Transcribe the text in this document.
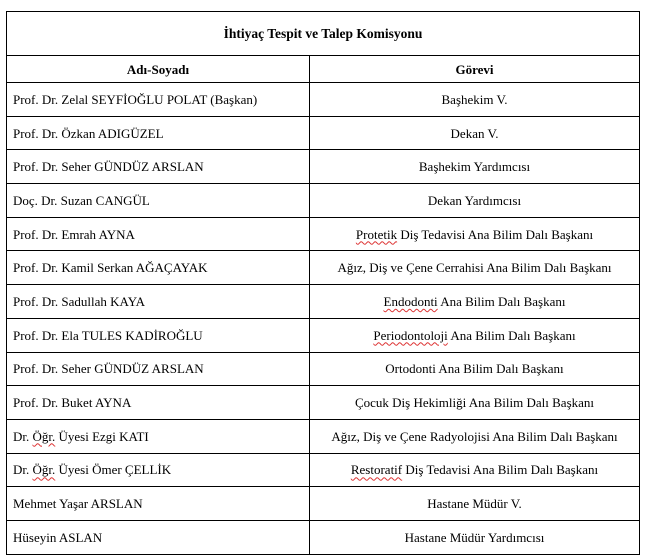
İhtiyaç Tespit ve Talep Komisyonu	
Adı-Soyadı	Görevi
Prof. Dr. Zelal SEYFİOĞLU POLAT (Başkan)	Başhekim V.
Prof. Dr. Özkan ADIGÜZEL	Dekan V.
Prof. Dr. Seher GÜNDÜZ ARSLAN	Başhekim Yardımcısı
Doç. Dr. Suzan CANGÜL	Dekan Yardımcısı
Prof. Dr. Emrah AYNA	Protetik Diş Tedavisi Ana Bilim Dalı Başkanı
Prof. Dr. Kamil Serkan AĞAÇAYAK	Ağız, Diş ve Çene Cerrahisi Ana Bilim Dalı Başkanı
Prof. Dr. Sadullah KAYA	Endodonti Ana Bilim Dalı Başkanı
Prof. Dr. Ela TULES KADİROĞLU	Periodontoloji Ana Bilim Dalı Başkanı
Prof. Dr. Seher GÜNDÜZ ARSLAN	Ortodonti Ana Bilim Dalı Başkanı
Prof. Dr. Buket AYNA	Çocuk Diş Hekimliği Ana Bilim Dalı Başkanı
Dr. Öğr. Üyesi Ezgi KATI	Ağız, Diş ve Çene Radyolojisi Ana Bilim Dalı Başkanı
Dr. Öğr. Üyesi Ömer ÇELLİK	Restoratif Diş Tedavisi Ana Bilim Dalı Başkanı
Mehmet Yaşar ARSLAN	Hastane Müdür V.
Hüseyin ASLAN	Hastane Müdür Yardımcısı
